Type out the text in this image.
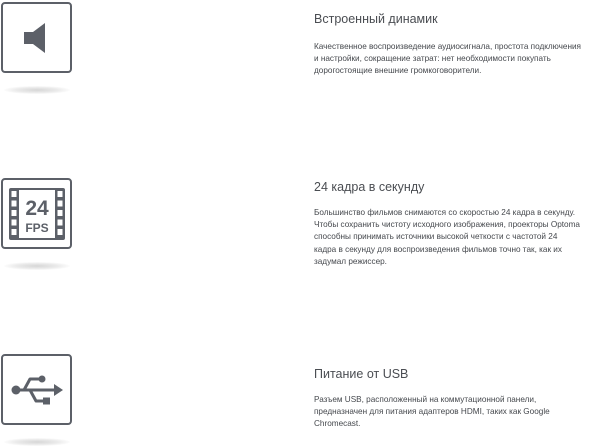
Встроенный динамик
Качественное воспроизведение аудиосигнала, простота подключения
и настройки, сокращение затрат: нет необходимости покупать
дорогостоящие внешние громкоговорители.
24
FPS
24 кадра в секунду
Большинство фильмов снимаются со скоростью 24 кадра в секунду.
Чтобы сохранить чистоту исходного изображения, проекторы Optoma
способны принимать источники высокой четкости с частотой 24
кадра в секунду для воспроизведения фильмов точно так, как их
задумал режиссер.
Питание от USB
Разъем USB, расположенный на коммутационной панели,
предназначен для питания адаптеров HDMI, таких как Google
Chromecast.
